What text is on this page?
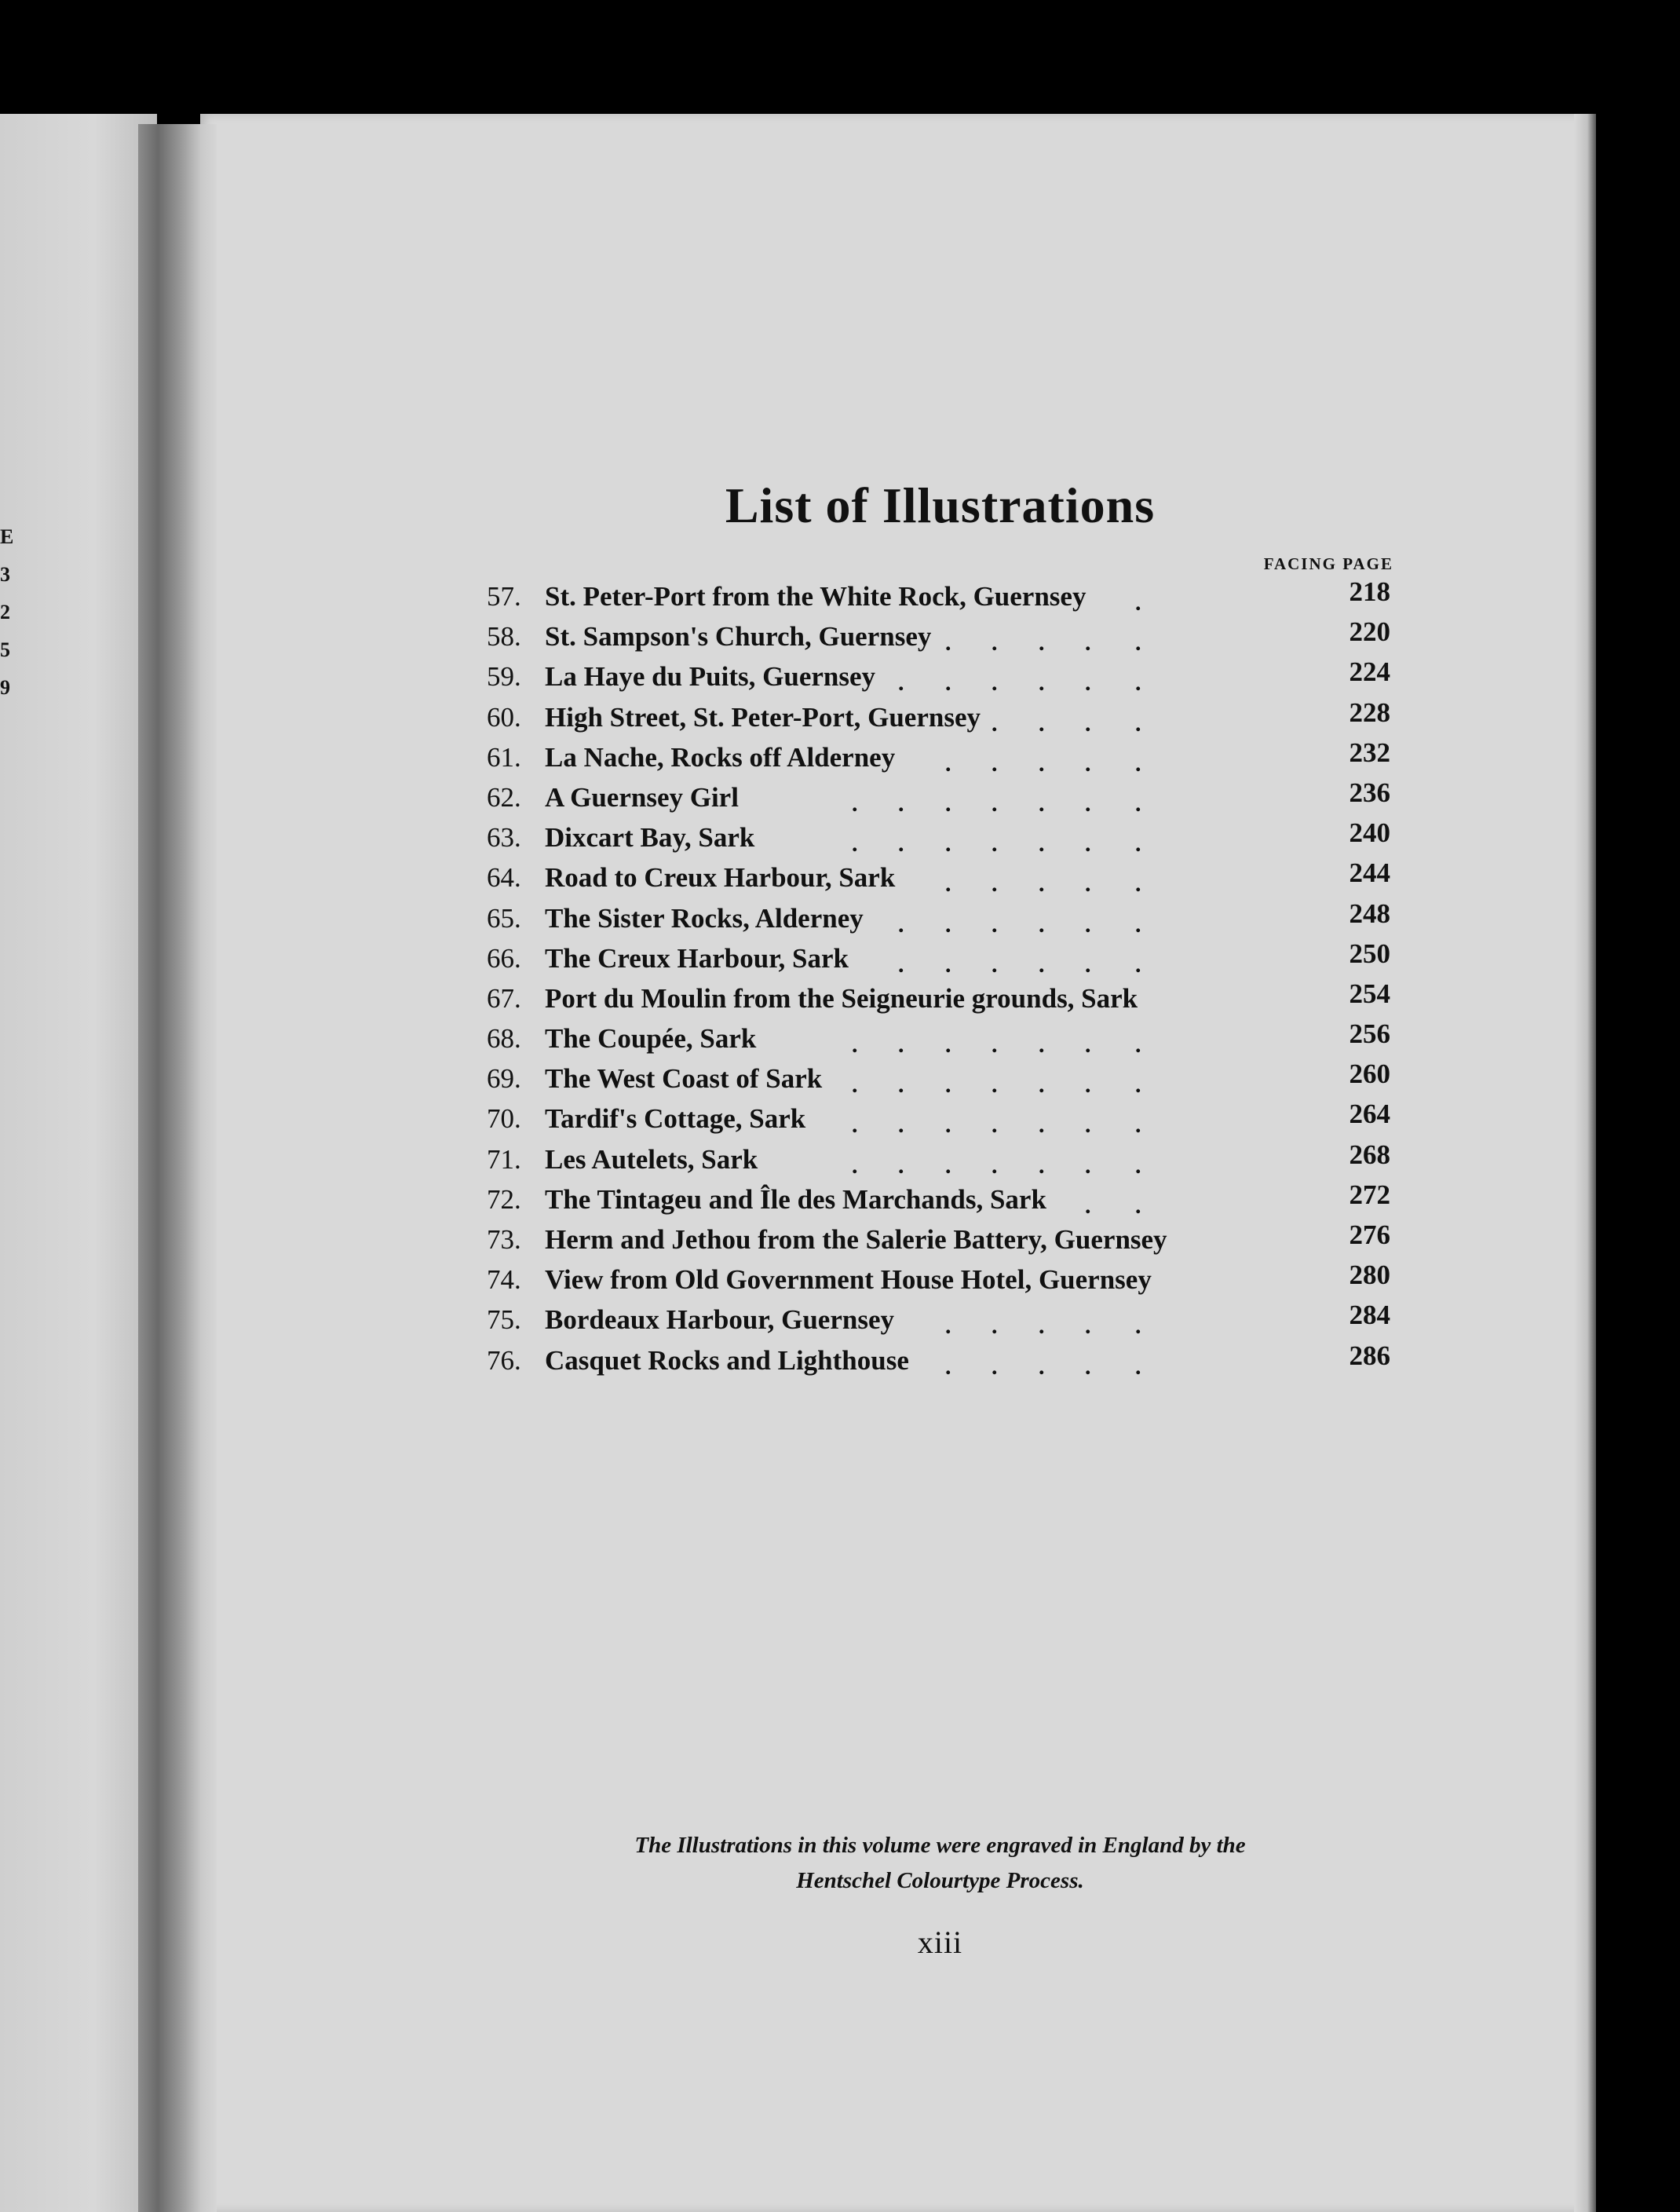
E
3
2
5
9
List of Illustrations
FACING PAGE
57. St. Peter-Port from the White Rock, Guernsey	218
.
58. St. Sampson's Church, Guernsey	220
. . . . .
59. La Haye du Puits, Guernsey	224
. . . . . .
60. High Street, St. Peter-Port, Guernsey	228
. . . .
61. La Nache, Rocks off Alderney	232
. . . . .
62. A Guernsey Girl	236
. . . . . . .
63. Dixcart Bay, Sark	240
. . . . . . .
64. Road to Creux Harbour, Sark	244
. . . . .
65. The Sister Rocks, Alderney	248
. . . . . .
66. The Creux Harbour, Sark	250
. . . . . .
67. Port du Moulin from the Seigneurie grounds, Sark	254
68. The Coupée, Sark	256
. . . . . . .
69. The West Coast of Sark	260
. . . . . . .
70. Tardif's Cottage, Sark	264
. . . . . . .
71. Les Autelets, Sark	268
. . . . . . .
72. The Tintageu and Île des Marchands, Sark	272
. .
73. Herm and Jethou from the Salerie Battery, Guernsey	276
74. View from Old Government House Hotel, Guernsey	280
75. Bordeaux Harbour, Guernsey	284
. . . . .
76. Casquet Rocks and Lighthouse	286
. . . . .

The Illustrations in this volume were engraved in England by the
Hentschel Colourtype Process.

xiii
